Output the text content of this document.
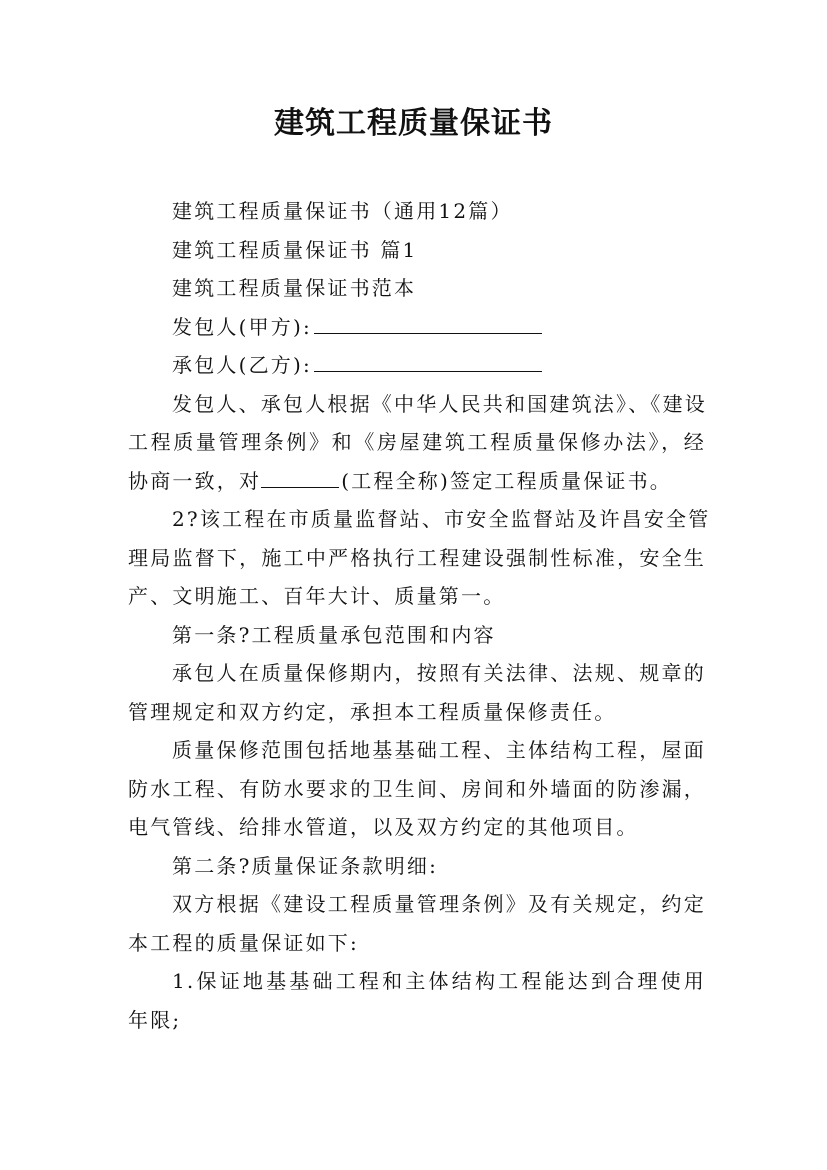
建筑工程质量保证书
建筑工程质量保证书（通用12篇）
建筑工程质量保证书 篇1
建筑工程质量保证书范本
发包人(甲方):
承包人(乙方):
发包人、承包人根据《中华人民共和国建筑法》、《建设
工程质量管理条例》和《房屋建筑工程质量保修办法》，经
协商一致，对	(工程全称)签定工程质量保证书。
2?该工程在市质量监督站、市安全监督站及许昌安全管
理局监督下，施工中严格执行工程建设强制性标准，安全生
产、文明施工、百年大计、质量第一。
第一条?工程质量承包范围和内容
承包人在质量保修期内，按照有关法律、法规、规章的
管理规定和双方约定，承担本工程质量保修责任。
质量保修范围包括地基基础工程、主体结构工程，屋面
防水工程、有防水要求的卫生间、房间和外墙面的防渗漏，
电气管线、给排水管道，以及双方约定的其他项目。
第二条?质量保证条款明细:
双方根据《建设工程质量管理条例》及有关规定，约定
本工程的质量保证如下:
1.保证地基基础工程和主体结构工程能达到合理使用
年限;
